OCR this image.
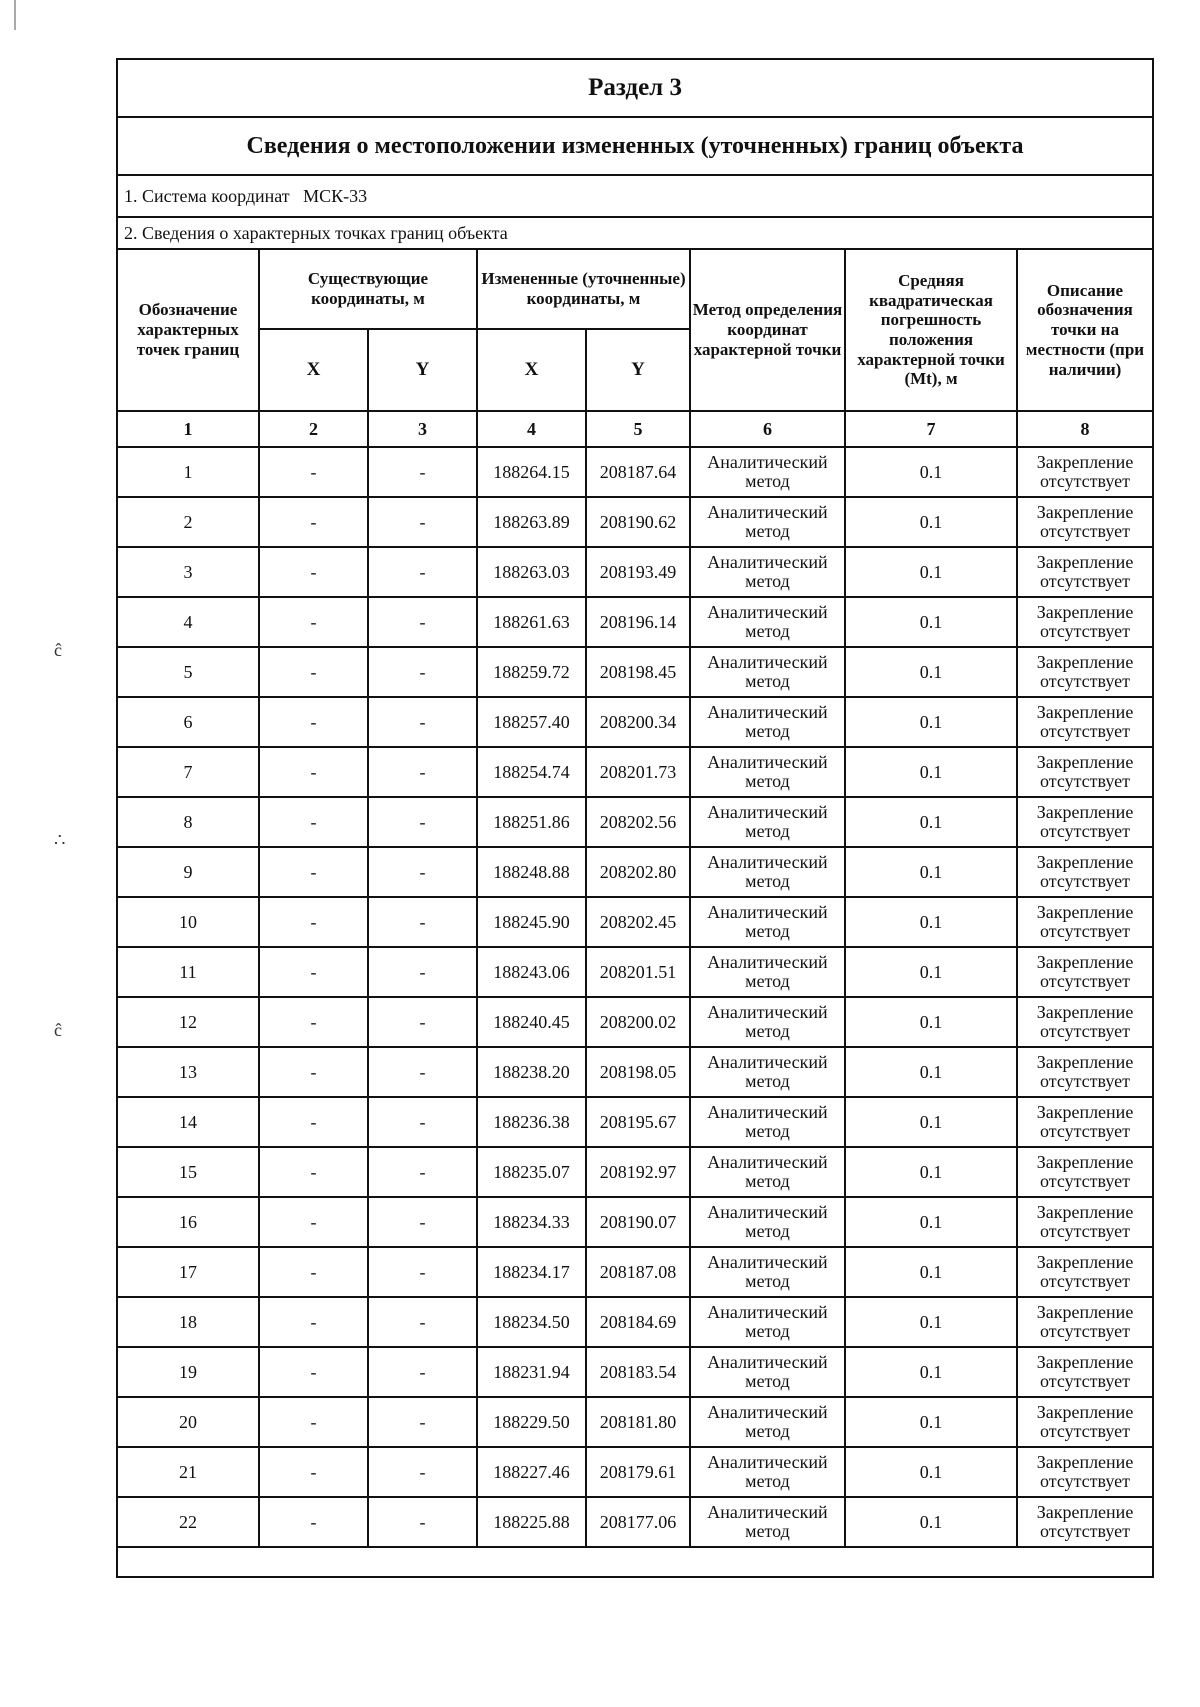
ĉ
∴
ĉ
Раздел 3							
Сведения о местоположении измененных (уточненных) границ объекта							
1. Система координат МСК-33							
2. Сведения о характерных точках границ объекта							
Обозначение характерных точек границ	Существующие координаты, м		Измененные (уточненные) координаты, м		Метод определения координат характерной точки	Средняя квадратическая погрешность положения характерной точки (Mt), м	Описание обозначения точки на местности (при наличии)
	X	Y	X	Y			
1	2	3	4	5	6	7	8
1	-	-	188264.15	208187.64	Аналитический метод	0.1	Закрепление отсутствует
2	-	-	188263.89	208190.62	Аналитический метод	0.1	Закрепление отсутствует
3	-	-	188263.03	208193.49	Аналитический метод	0.1	Закрепление отсутствует
4	-	-	188261.63	208196.14	Аналитический метод	0.1	Закрепление отсутствует
5	-	-	188259.72	208198.45	Аналитический метод	0.1	Закрепление отсутствует
6	-	-	188257.40	208200.34	Аналитический метод	0.1	Закрепление отсутствует
7	-	-	188254.74	208201.73	Аналитический метод	0.1	Закрепление отсутствует
8	-	-	188251.86	208202.56	Аналитический метод	0.1	Закрепление отсутствует
9	-	-	188248.88	208202.80	Аналитический метод	0.1	Закрепление отсутствует
10	-	-	188245.90	208202.45	Аналитический метод	0.1	Закрепление отсутствует
11	-	-	188243.06	208201.51	Аналитический метод	0.1	Закрепление отсутствует
12	-	-	188240.45	208200.02	Аналитический метод	0.1	Закрепление отсутствует
13	-	-	188238.20	208198.05	Аналитический метод	0.1	Закрепление отсутствует
14	-	-	188236.38	208195.67	Аналитический метод	0.1	Закрепление отсутствует
15	-	-	188235.07	208192.97	Аналитический метод	0.1	Закрепление отсутствует
16	-	-	188234.33	208190.07	Аналитический метод	0.1	Закрепление отсутствует
17	-	-	188234.17	208187.08	Аналитический метод	0.1	Закрепление отсутствует
18	-	-	188234.50	208184.69	Аналитический метод	0.1	Закрепление отсутствует
19	-	-	188231.94	208183.54	Аналитический метод	0.1	Закрепление отсутствует
20	-	-	188229.50	208181.80	Аналитический метод	0.1	Закрепление отсутствует
21	-	-	188227.46	208179.61	Аналитический метод	0.1	Закрепление отсутствует
22	-	-	188225.88	208177.06	Аналитический метод	0.1	Закрепление отсутствует
